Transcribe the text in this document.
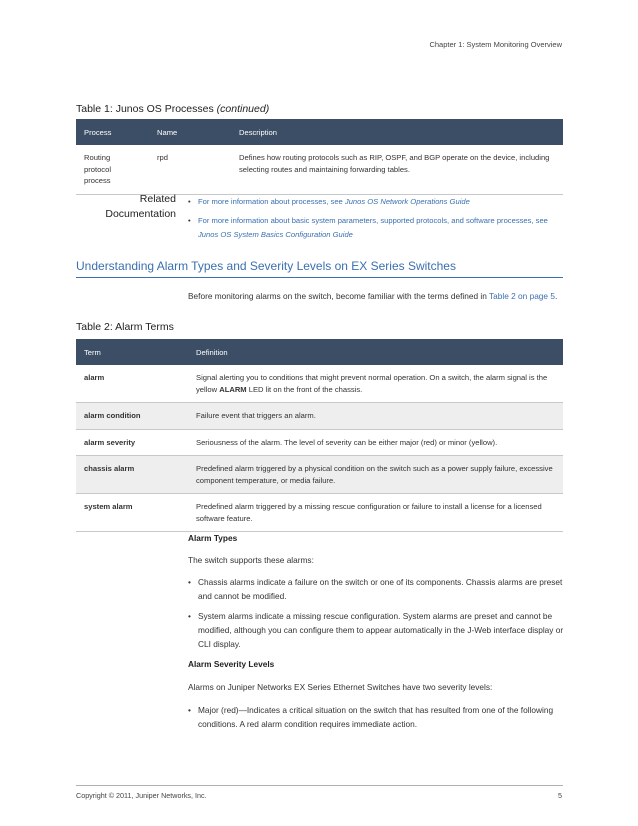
Chapter 1: System Monitoring Overview
Table 1: Junos OS Processes (continued)
Process	Name	Description
Routing protocol process	rpd	Defines how routing protocols such as RIP, OSPF, and BGP operate on the device, including selecting routes and maintaining forwarding tables.
Related
Documentation
• For more information about processes, see Junos OS Network Operations Guide
• For more information about basic system parameters, supported protocols, and software processes, see Junos OS System Basics Configuration Guide
Understanding Alarm Types and Severity Levels on EX Series Switches
Before monitoring alarms on the switch, become familiar with the terms defined in Table 2 on page 5.
Table 2: Alarm Terms
Term	Definition
alarm	Signal alerting you to conditions that might prevent normal operation. On a switch, the alarm signal is the yellow ALARM LED lit on the front of the chassis.
alarm condition	Failure event that triggers an alarm.
alarm severity	Seriousness of the alarm. The level of severity can be either major (red) or minor (yellow).
chassis alarm	Predefined alarm triggered by a physical condition on the switch such as a power supply failure, excessive component temperature, or media failure.
system alarm	Predefined alarm triggered by a missing rescue configuration or failure to install a license for a licensed software feature.
Alarm Types
The switch supports these alarms:
• Chassis alarms indicate a failure on the switch or one of its components. Chassis alarms are preset and cannot be modified.
• System alarms indicate a missing rescue configuration. System alarms are preset and cannot be modified, although you can configure them to appear automatically in the J-Web interface display or CLI display.
Alarm Severity Levels
Alarms on Juniper Networks EX Series Ethernet Switches have two severity levels:
• Major (red)—Indicates a critical situation on the switch that has resulted from one of the following conditions. A red alarm condition requires immediate action.
Copyright © 2011, Juniper Networks, Inc.	5
